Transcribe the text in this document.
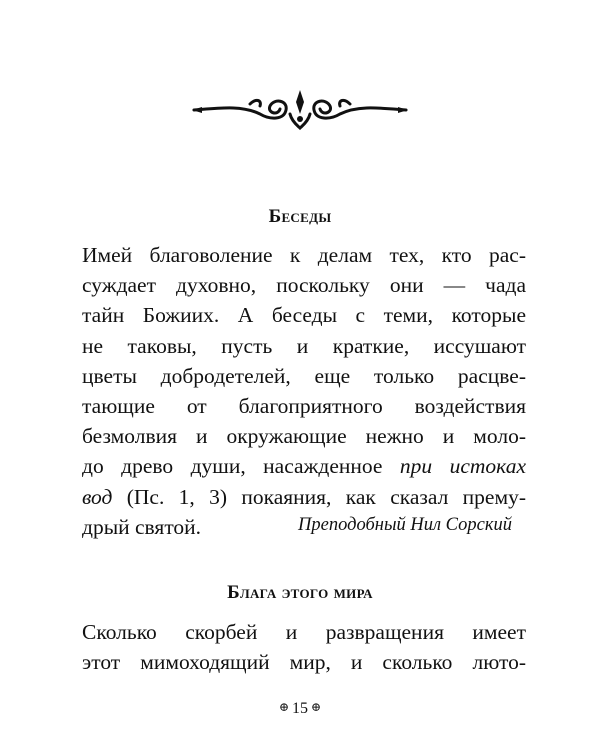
Беседы
Имей благоволение к делам тех, кто рас-
суждает духовно, поскольку они — чада
тайн Божиих. А беседы с теми, которые
не таковы, пусть и краткие, иссушают
цветы добродетелей, еще только расцве-
тающие от благоприятного воздействия
безмолвия и окружающие нежно и моло-
до древо души, насажденное при истоках
вод (Пс. 1, 3) покаяния, как сказал прему-
дрый святой.	Преподобный Нил Сорский
Блага этого мира
Сколько скорбей и развращения имеет
этот мимоходящий мир, и сколько люто-
⊕ 15 ⊕
